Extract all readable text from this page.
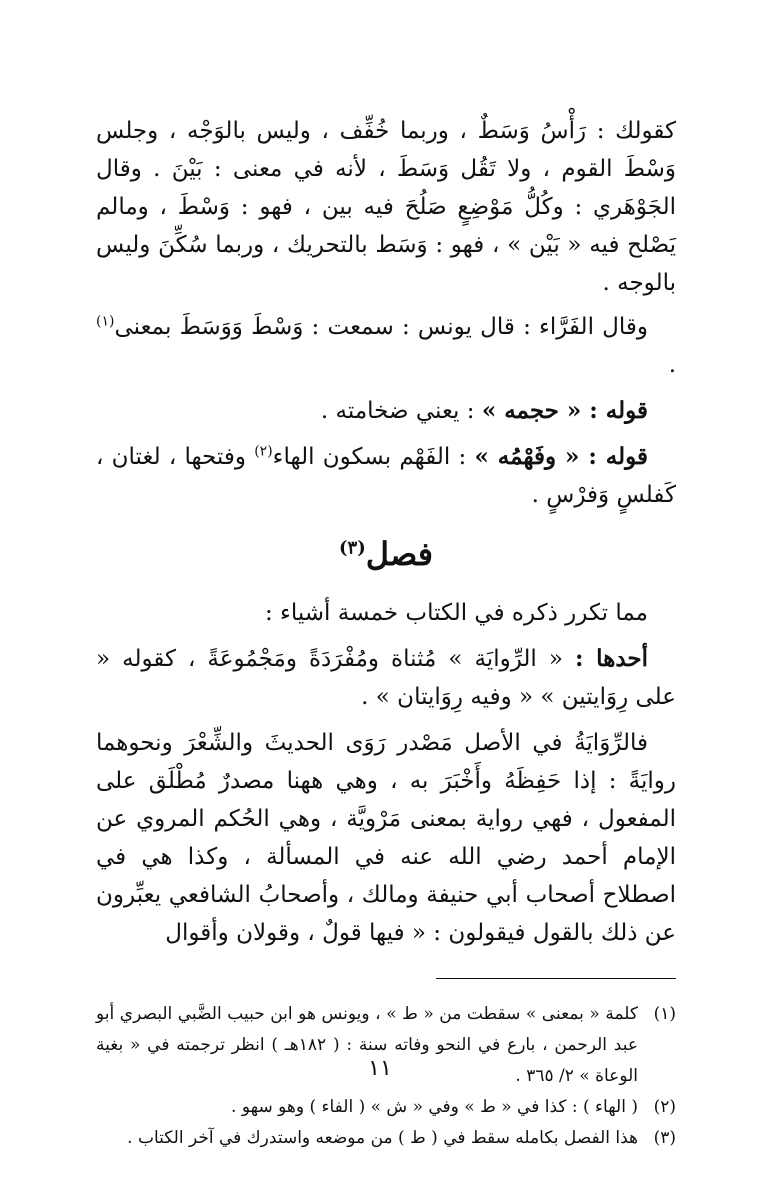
كقولك : رَأْسُ وَسَطٌ ، وربما خُفِّف ، وليس بالوَجْه ، وجلس وَسْطَ القوم ، ولا تَقُل وَسَطَ ، لأنه في معنى : بَيْنَ . وقال الجَوْهَري : وكُلُّ مَوْضِعٍ صَلُحَ فيه بين ، فهو : وَسْطَ ، ومالم يَصْلح فيه « بَيْن » ، فهو : وَسَط بالتحريك ، وربما سُكِّنَ وليس بالوجه .

وقال الفَرَّاء : قال يونس : سمعت : وَسْطَ وَوَسَطَ بمعنى$^{(١)}$ .

قوله : « حجمه » : يعني ضخامته .

قوله : « وفَهْمُه » : الفَهْم بسكون الهاء$^{(٢)}$ وفتحها ، لغتان ، كَفلسٍ وَفرْسٍ .

فصل$^{(٣)}$

مما تكرر ذكره في الكتاب خمسة أشياء :

أحدها : « الرِّوايَة » مُثناة ومُفْرَدَةً ومَجْمُوعَةً ، كقوله « على رِوَايتين » « وفيه رِوَايتان » .

فالرِّوَايَةُ في الأصل مَصْدر رَوَى الحديثَ والشِّعْرَ ونحوهما روايَةً : إذا حَفِظَهُ وأَخْبَرَ به ، وهي ههنا مصدرٌ مُطْلَق على المفعول ، فهي رواية بمعنى مَرْويَّة ، وهي الحُكم المروي عن الإمام أحمد رضي الله عنه في المسألة ، وكذا هي في اصطلاح أصحاب أبي حنيفة ومالك ، وأصحابُ الشافعي يعبِّرون عن ذلك بالقول فيقولون : « فيها قولٌ ، وقولان وأقوال

(١)
كلمة « بمعنى » سقطت من « ط » ، ويونس هو ابن حبيب الضَّبي البصري أبو عبد الرحمن ، بارع في النحو وفاته سنة : ( ١٨٢هـ ) انظر ترجمته في « بغية الوعاة » ٢/ ٣٦٥ .
(٢)
( الهاء ) : كذا في « ط » وفي « ش » ( الفاء ) وهو سهو .
(٣)
هذا الفصل بكامله سقط في ( ط ) من موضعه واستدرك في آخر الكتاب .
١١
